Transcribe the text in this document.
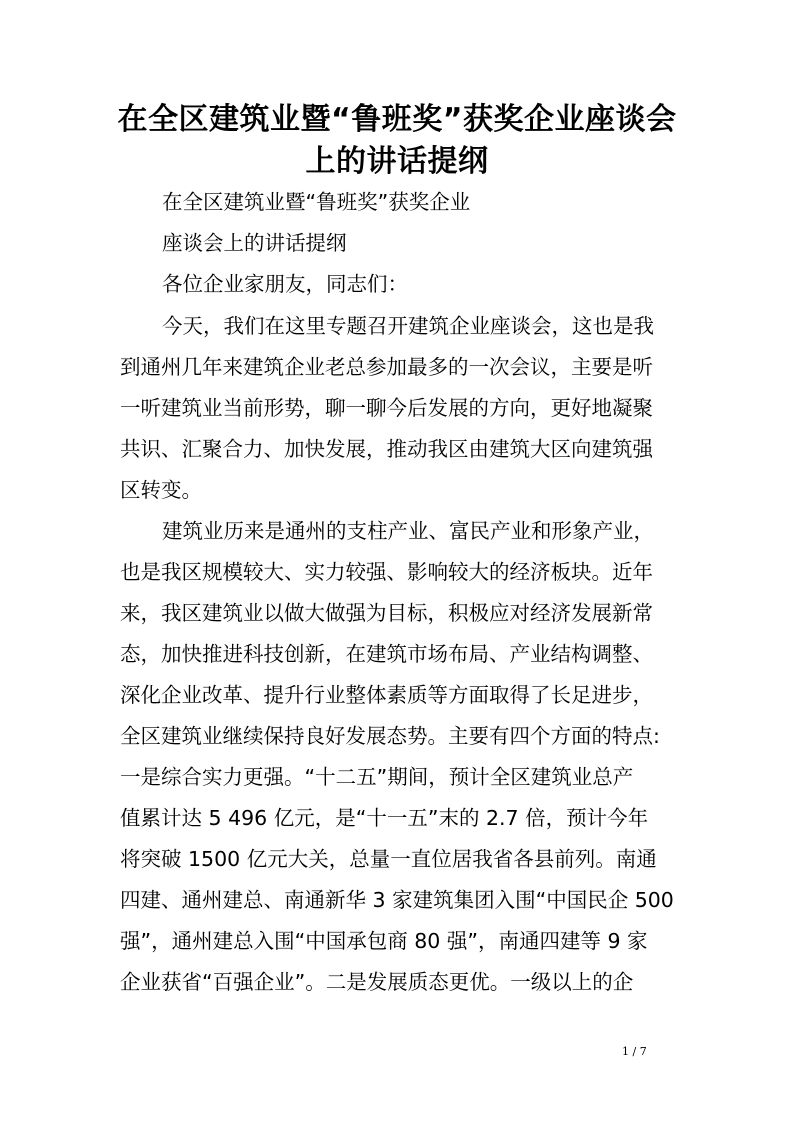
在全区建筑业暨“鲁班奖”获奖企业座谈会
上的讲话提纲

在全区建筑业暨“鲁班奖”获奖企业

座谈会上的讲话提纲

各位企业家朋友，同志们：

今天，我们在这里专题召开建筑企业座谈会，这也是我

到通州几年来建筑企业老总参加最多的一次会议，主要是听

一听建筑业当前形势，聊一聊今后发展的方向，更好地凝聚

共识、汇聚合力、加快发展，推动我区由建筑大区向建筑强

区转变。

建筑业历来是通州的支柱产业、富民产业和形象产业，

也是我区规模较大、实力较强、影响较大的经济板块。近年

来，我区建筑业以做大做强为目标，积极应对经济发展新常

态，加快推进科技创新，在建筑市场布局、产业结构调整、

深化企业改革、提升行业整体素质等方面取得了长足进步，

全区建筑业继续保持良好发展态势。主要有四个方面的特点:

一是综合实力更强。“十二五”期间，预计全区建筑业总产

值累计达 5 496 亿元，是“十一五”末的 2.7 倍，预计今年

将突破 1500 亿元大关，总量一直位居我省各县前列。南通

四建、通州建总、南通新华 3 家建筑集团入围“中国民企 500

强”，通州建总入围“中国承包商 80 强”，南通四建等 9 家

企业获省“百强企业”。二是发展质态更优。一级以上的企

1 / 7
